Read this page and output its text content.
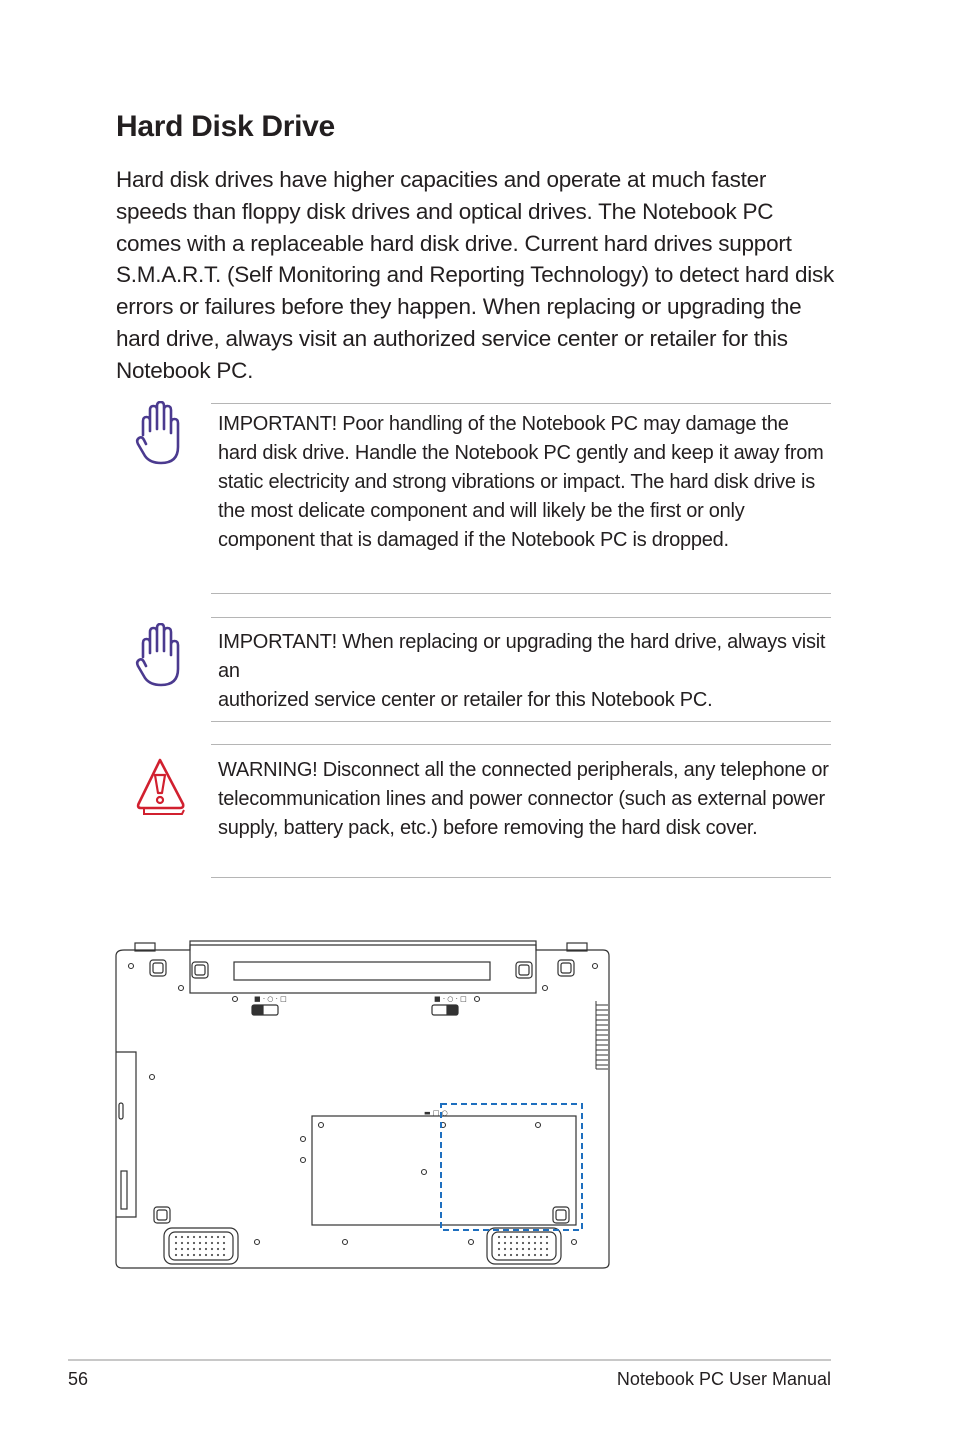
Hard Disk Drive

Hard disk drives have higher capacities and operate at much faster speeds than floppy disk drives and optical drives. The Notebook PC comes with a replaceable hard disk drive. Current hard drives support S.M.A.R.T. (Self Monitoring and Reporting Technology) to detect hard disk errors or failures before they happen. When replacing or upgrading the hard drive, always visit an authorized service center or retailer for this Notebook PC.

IMPORTANT! Poor handling of the Notebook PC may damage the hard disk drive. Handle the Notebook PC gently and keep it away from static electricity and strong vibrations or impact. The hard disk drive is the most delicate component and will likely be the first or only component that is damaged if the Notebook PC is dropped.

IMPORTANT! When replacing or upgrading the hard drive, always visit an
authorized service center or retailer for this Notebook PC.

WARNING! Disconnect all the connected peripherals, any telephone or telecommunication lines and power connector (such as external power supply, battery pack, etc.) before removing the hard disk cover.

■ · ○ · □	■ · ○ · □
▬ □ ○
56	Notebook PC User Manual
